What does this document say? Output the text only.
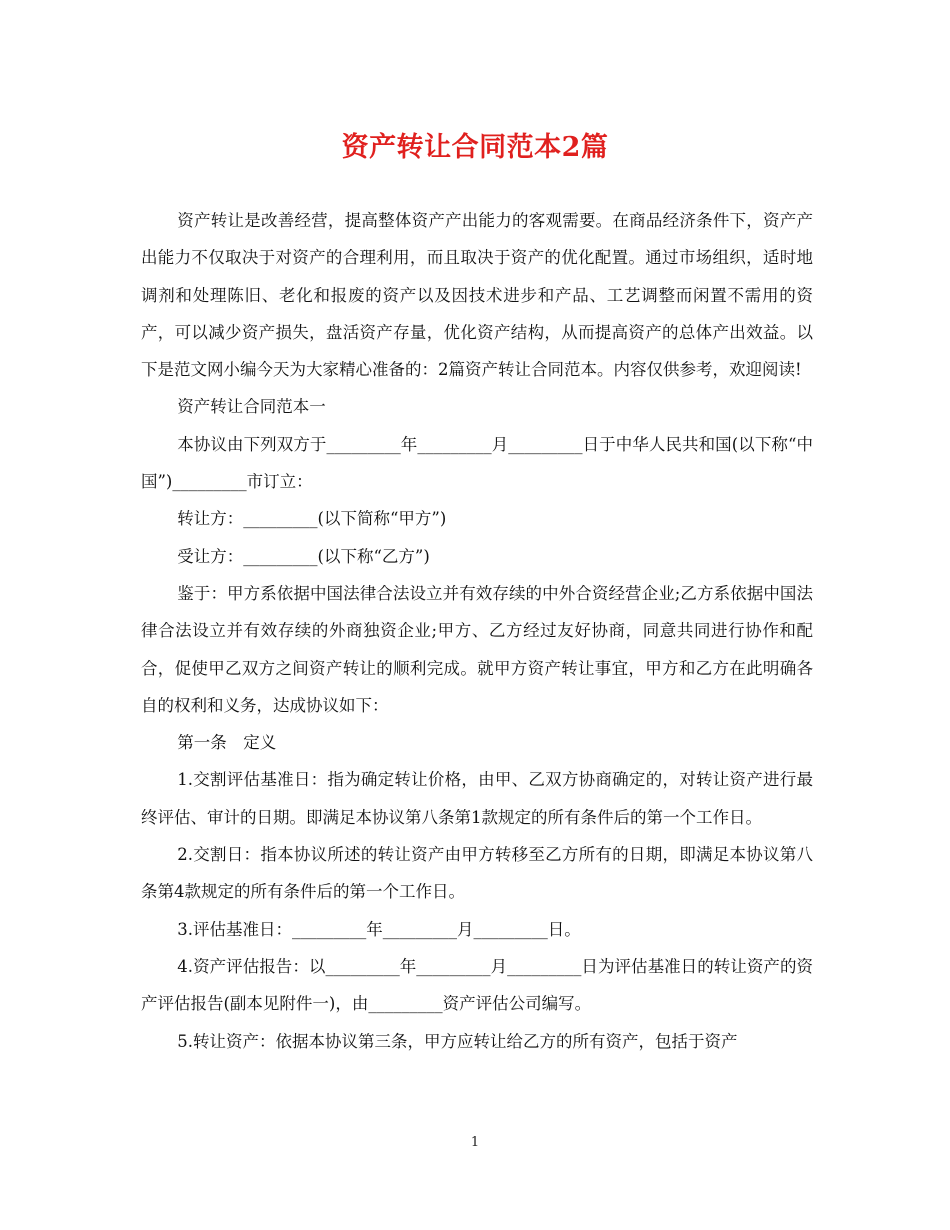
资产转让合同范本2篇

资产转让是改善经营，提高整体资产产出能力的客观需要。在商品经济条件下，资产产出能力不仅取决于对资产的合理利用，而且取决于资产的优化配置。通过市场组织，适时地调剂和处理陈旧、老化和报废的资产以及因技术进步和产品、工艺调整而闲置不需用的资产，可以减少资产损失，盘活资产存量，优化资产结构，从而提高资产的总体产出效益。以下是范文网小编今天为大家精心准备的：2篇资产转让合同范本。内容仅供参考，欢迎阅读!

资产转让合同范本一

本协议由下列双方于_________年_________月_________日于中华人民共和国(以下称“中国”)_________市订立：

转让方：_________(以下简称“甲方”)

受让方：_________(以下称“乙方”)

鉴于：甲方系依据中国法律合法设立并有效存续的中外合资经营企业;乙方系依据中国法律合法设立并有效存续的外商独资企业;甲方、乙方经过友好协商，同意共同进行协作和配合，促使甲乙双方之间资产转让的顺利完成。就甲方资产转让事宜，甲方和乙方在此明确各自的权利和义务，达成协议如下：

第一条　定义

1.交割评估基准日：指为确定转让价格，由甲、乙双方协商确定的，对转让资产进行最终评估、审计的日期。即满足本协议第八条第1款规定的所有条件后的第一个工作日。

2.交割日：指本协议所述的转让资产由甲方转移至乙方所有的日期，即满足本协议第八条第4款规定的所有条件后的第一个工作日。

3.评估基准日：_________年_________月_________日。

4.资产评估报告：以_________年_________月_________日为评估基准日的转让资产的资产评估报告(副本见附件一)，由_________资产评估公司编写。

5.转让资产：依据本协议第三条，甲方应转让给乙方的所有资产，包括于资产

1
